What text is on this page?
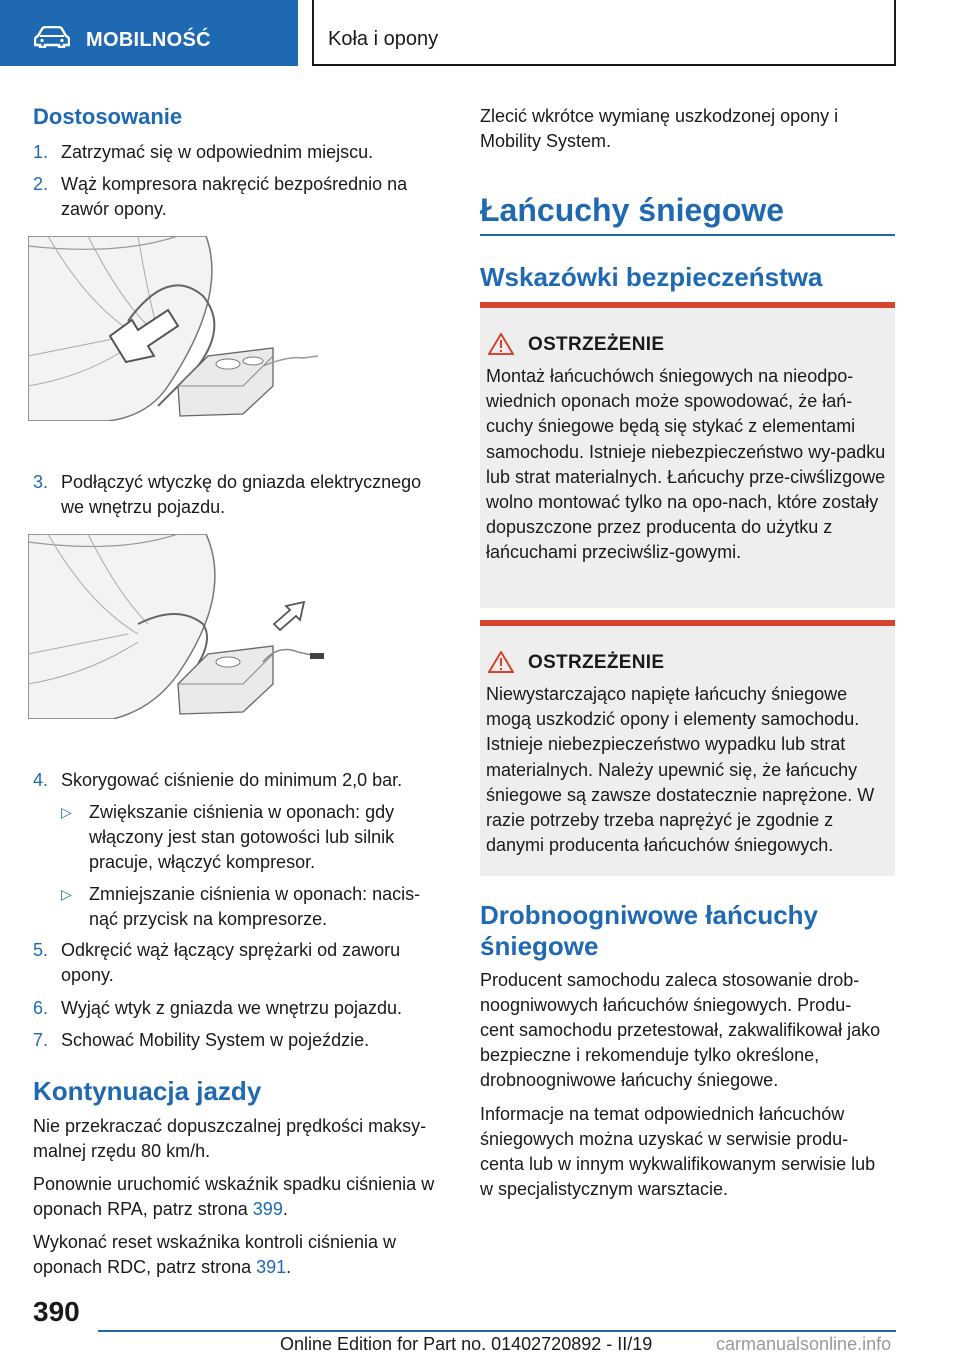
MOBILNOŚĆ	Koła i opony
Dostosowanie
1. Zatrzymać się w odpowiednim miejscu.
2. Wąż kompresora nakręcić bezpośrednio na zawór opony.
3. Podłączyć wtyczkę do gniazda elektrycznego we wnętrzu pojazdu.
4. Skorygować ciśnienie do minimum 2,0 bar.
▷ Zwiększanie ciśnienia w oponach: gdy włączony jest stan gotowości lub silnik pracuje, włączyć kompresor.
▷ Zmniejszanie ciśnienia w oponach: nacis‐nąć przycisk na kompresorze.
5. Odkręcić wąż łączący sprężarki od zaworu opony.
6. Wyjąć wtyk z gniazda we wnętrzu pojazdu.
7. Schować Mobility System w pojeździe.
Kontynuacja jazdy

Nie przekraczać dopuszczalnej prędkości maksy‐malnej rzędu 80 km/h.

Ponownie uruchomić wskaźnik spadku ciśnienia w oponach RPA, patrz strona 399.

Wykonać reset wskaźnika kontroli ciśnienia w oponach RDC, patrz strona 391.

Zlecić wkrótce wymianę uszkodzonej opony i Mobility System.

Łańcuchy śniegowe
Wskazówki bezpieczeństwa
OSTRZEŻENIE

Montaż łańcuchówch śniegowych na nieodpo‐wiednich oponach może spowodować, że łań‐cuchy śniegowe będą się stykać z elementami samochodu. Istnieje niebezpieczeństwo wy‐padku lub strat materialnych. Łańcuchy prze‐ciwślizgowe wolno montować tylko na opo‐nach, które zostały dopuszczone przez producenta do użytku z łańcuchami przeciwśliz‐gowymi.

OSTRZEŻENIE

Niewystarczająco napięte łańcuchy śniegowe mogą uszkodzić opony i elementy samochodu. Istnieje niebezpieczeństwo wypadku lub strat materialnych. Należy upewnić się, że łańcuchy śniegowe są zawsze dostatecznie naprężone. W razie potrzeby trzeba naprężyć je zgodnie z danymi producenta łańcuchów śniegowych.

Drobnoogniwowe łańcuchy śniegowe

Producent samochodu zaleca stosowanie drob‐noogniwowych łańcuchów śniegowych. Produ‐cent samochodu przetestował, zakwalifikował jako bezpieczne i rekomenduje tylko określone, drobnoogniwowe łańcuchy śniegowe.

Informacje na temat odpowiednich łańcuchów śniegowych można uzyskać w serwisie produ‐centa lub w innym wykwalifikowanym serwisie lub w specjalistycznym warsztacie.

390
Online Edition for Part no. 01402720892 - II/19	carmanualsonline.info
